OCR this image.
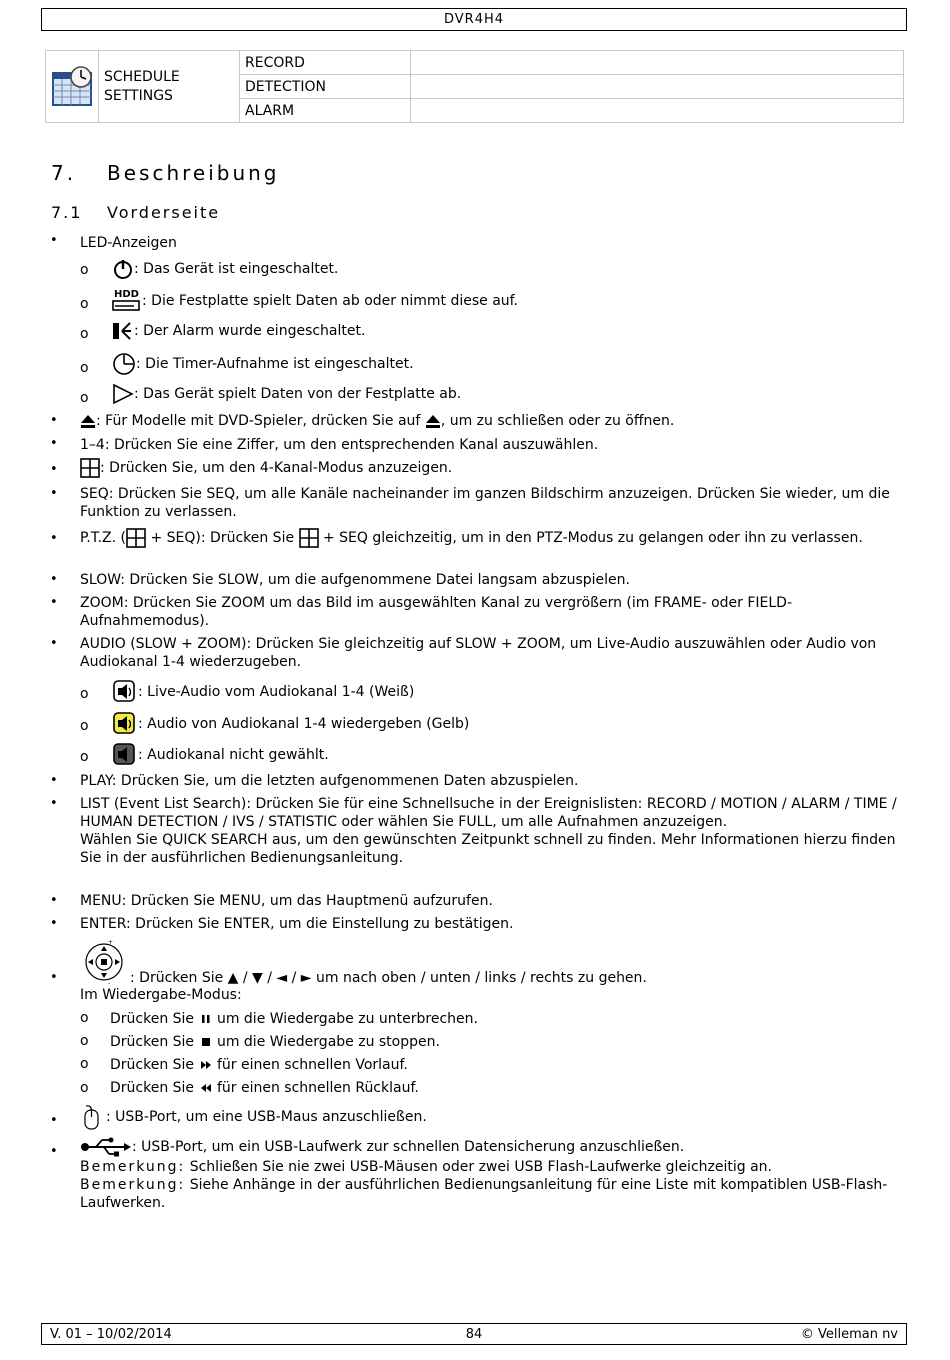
DVR4H4
	SCHEDULE SETTINGS	RECORD	
		DETECTION	
		ALARM	
7. Beschreibung
7.1 Vorderseite
• LED-Anzeigen
o	: Das Gerät ist eingeschaltet.
o
HDD : Die Festplatte spielt Daten ab oder nimmt diese auf.
o	: Der Alarm wurde eingeschaltet.
o	: Die Timer-Aufnahme ist eingeschaltet.
o	: Das Gerät spielt Daten von der Festplatte ab.
•	: Für Modelle mit DVD-Spieler, drücken Sie auf , um zu schließen oder zu öffnen.
• 1–4: Drücken Sie eine Ziffer, um den entsprechenden Kanal auszuwählen.
•	: Drücken Sie, um den 4-Kanal-Modus anzuzeigen.
• SEQ: Drücken Sie SEQ, um alle Kanäle nacheinander im ganzen Bildschirm anzuzeigen. Drücken Sie wieder, um die Funktion zu verlassen.
• P.T.Z. ( + SEQ): Drücken Sie + SEQ gleichzeitig, um in den PTZ-Modus zu gelangen oder ihn zu verlassen.
• SLOW: Drücken Sie SLOW, um die aufgenommene Datei langsam abzuspielen.
• ZOOM: Drücken Sie ZOOM um das Bild im ausgewählten Kanal zu vergrößern (im FRAME- oder FIELD-Aufnahmemodus).
• AUDIO (SLOW + ZOOM): Drücken Sie gleichzeitig auf SLOW + ZOOM, um Live-Audio auszuwählen oder Audio von Audiokanal 1-4 wiederzugeben.
o	: Live-Audio vom Audiokanal 1-4 (Weiß)
o	: Audio von Audiokanal 1-4 wiedergeben (Gelb)
o	: Audiokanal nicht gewählt.
• PLAY: Drücken Sie, um die letzten aufgenommenen Daten abzuspielen.
• LIST (Event List Search): Drücken Sie für eine Schnellsuche in der Ereignislisten: RECORD / MOTION / ALARM / TIME / HUMAN DETECTION / IVS / STATISTIC oder wählen Sie FULL, um alle Aufnahmen anzuzeigen.
Wählen Sie QUICK SEARCH aus, um den gewünschten Zeitpunkt schnell zu finden. Mehr Informationen hierzu finden Sie in der ausführlichen Bedienungsanleitung.
• MENU: Drücken Sie MENU, um das Hauptmenü aufzurufen.
• ENTER: Drücken Sie ENTER, um die Einstellung zu bestätigen.
•
+
- : Drücken Sie ▲ / ▼ / ◄ / ► um nach oben / unten / links / rechts zu gehen.
Im Wiedergabe-Modus:
o Drücken Sie um die Wiedergabe zu unterbrechen.
o Drücken Sie um die Wiedergabe zu stoppen.
o Drücken Sie für einen schnellen Vorlauf.
o Drücken Sie für einen schnellen Rücklauf.
•	: USB-Port, um eine USB-Maus anzuschließen.
•	: USB-Port, um ein USB-Laufwerk zur schnellen Datensicherung anzuschließen.
Bemerkung: Schließen Sie nie zwei USB-Mäusen oder zwei USB Flash-Laufwerke gleichzeitig an.
Bemerkung: Siehe Anhänge in der ausführlichen Bedienungsanleitung für eine Liste mit kompatiblen USB-Flash-Laufwerken.
V. 01 – 10/02/2014	84	© Velleman nv
